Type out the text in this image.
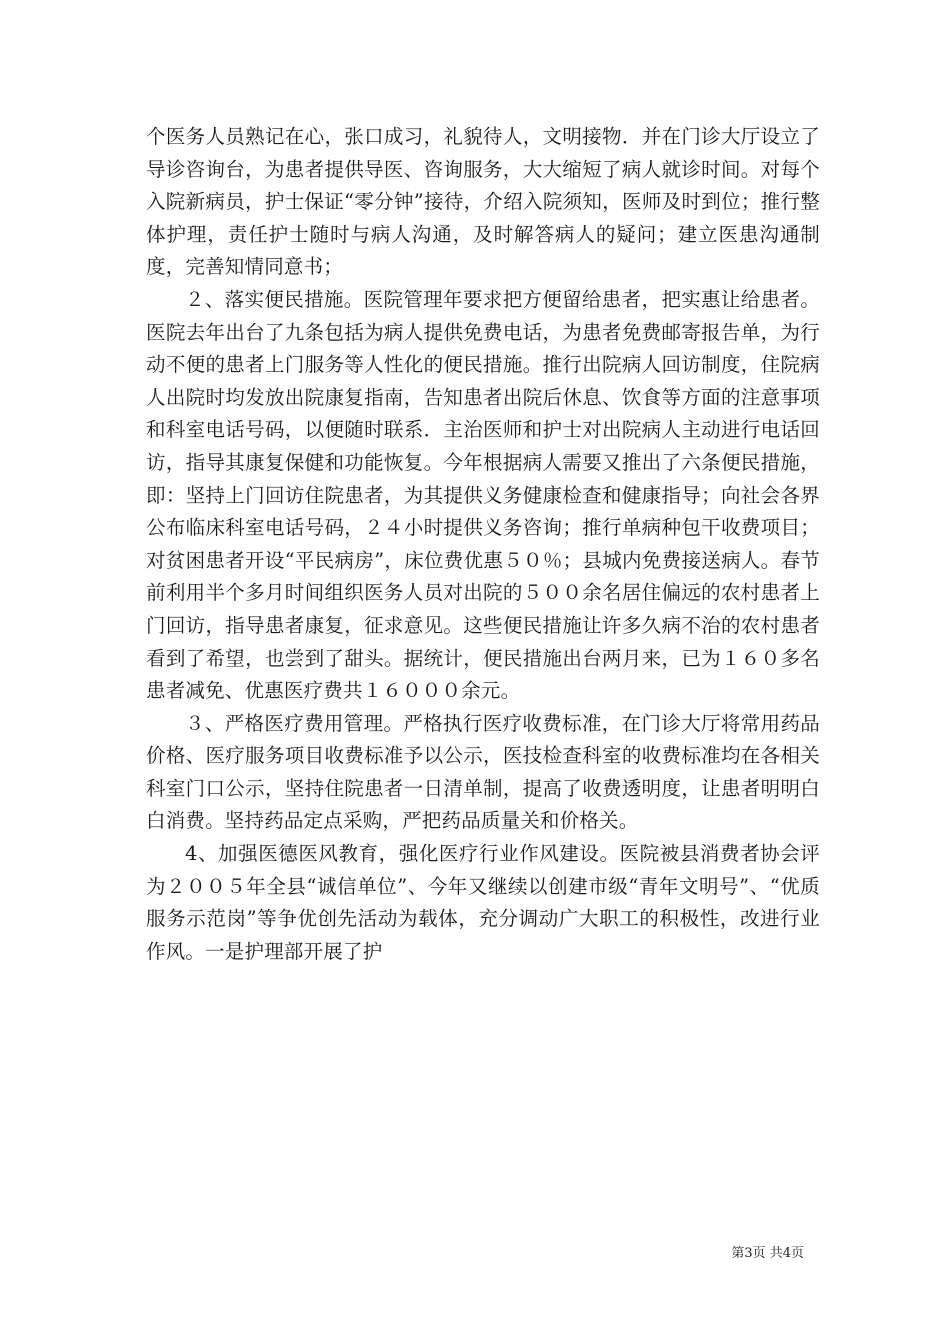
个医务人员熟记在心，张口成习，礼貌待人，文明接物．并在门诊大厅设立了导诊咨询台，为患者提供导医、咨询服务，大大缩短了病人就诊时间。对每个入院新病员，护士保证“零分钟”接待，介绍入院须知，医师及时到位；推行整体护理，责任护士随时与病人沟通，及时解答病人的疑问；建立医患沟通制度，完善知情同意书；

２、落实便民措施。医院管理年要求把方便留给患者，把实惠让给患者。医院去年出台了九条包括为病人提供免费电话，为患者免费邮寄报告单，为行动不便的患者上门服务等人性化的便民措施。推行出院病人回访制度，住院病人出院时均发放出院康复指南，告知患者出院后休息、饮食等方面的注意事项和科室电话号码，以便随时联系．主治医师和护士对出院病人主动进行电话回访，指导其康复保健和功能恢复。今年根据病人需要又推出了六条便民措施，即：坚持上门回访住院患者，为其提供义务健康检查和健康指导；向社会各界公布临床科室电话号码，２４小时提供义务咨询；推行单病种包干收费项目；对贫困患者开设“平民病房”，床位费优惠５０％；县城内免费接送病人。春节前利用半个多月时间组织医务人员对出院的５００余名居住偏远的农村患者上门回访，指导患者康复，征求意见。这些便民措施让许多久病不治的农村患者看到了希望，也尝到了甜头。据统计，便民措施出台两月来，已为１６０多名患者减免、优惠医疗费共１６０００余元。

３、严格医疗费用管理。严格执行医疗收费标准，在门诊大厅将常用药品价格、医疗服务项目收费标准予以公示，医技检查科室的收费标准均在各相关科室门口公示，坚持住院患者一日清单制，提高了收费透明度，让患者明明白白消费。坚持药品定点采购，严把药品质量关和价格关。

4、加强医德医风教育，强化医疗行业作风建设。医院被县消费者协会评为２００５年全县“诚信单位”、今年又继续以创建市级“青年文明号”、“优质服务示范岗”等争优创先活动为载体，充分调动广大职工的积极性，改进行业作风。一是护理部开展了护

第3页 共4页
